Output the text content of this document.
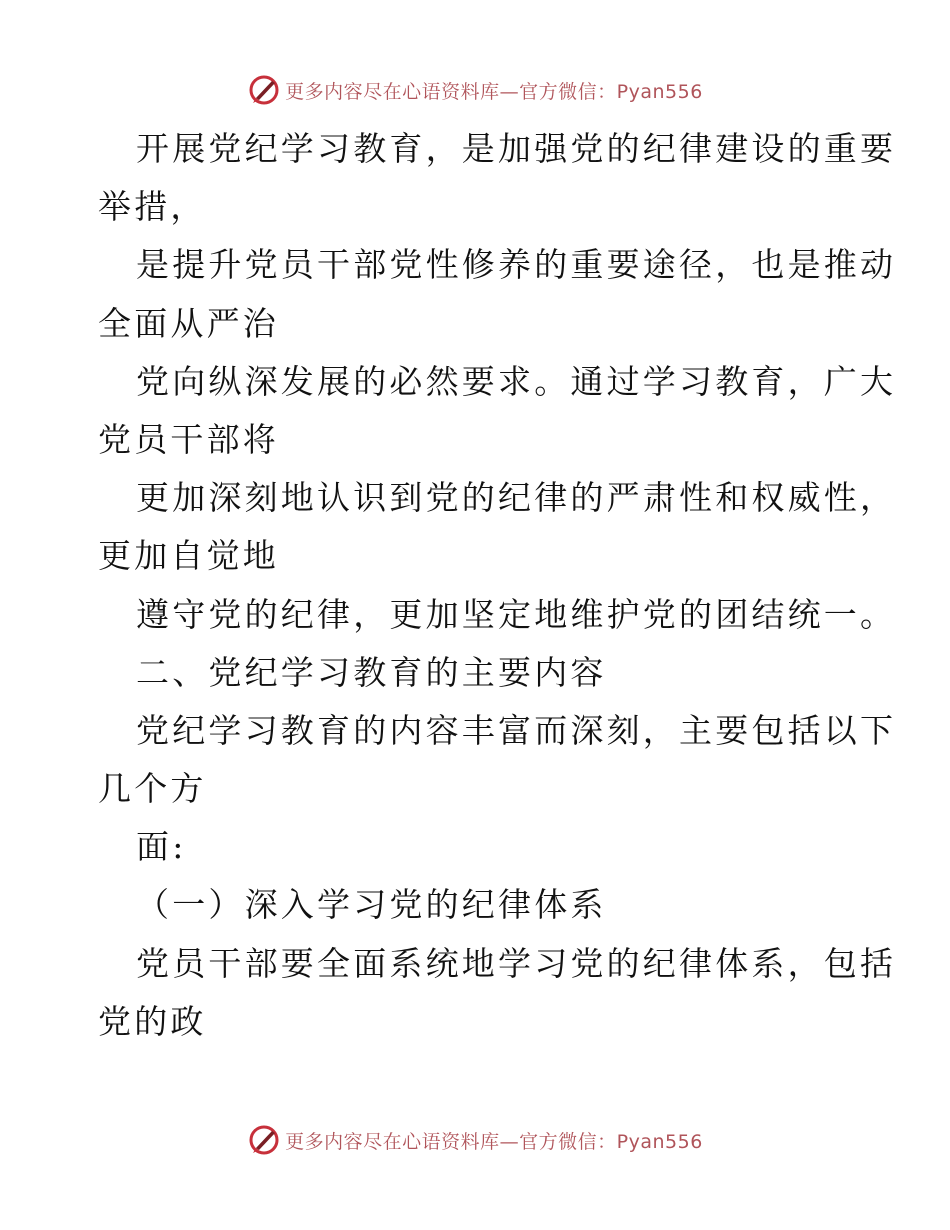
更多内容尽在心语资料库—官方微信：Pyan556
开展党纪学习教育，是加强党的纪律建设的重要
举措，
是提升党员干部党性修养的重要途径，也是推动
全面从严治
党向纵深发展的必然要求。通过学习教育，广大
党员干部将
更加深刻地认识到党的纪律的严肃性和权威性，
更加自觉地
遵守党的纪律，更加坚定地维护党的团结统一。
二、党纪学习教育的主要内容
党纪学习教育的内容丰富而深刻，主要包括以下
几个方
面:
（一）深入学习党的纪律体系
党员干部要全面系统地学习党的纪律体系，包括
党的政
更多内容尽在心语资料库—官方微信：Pyan556
